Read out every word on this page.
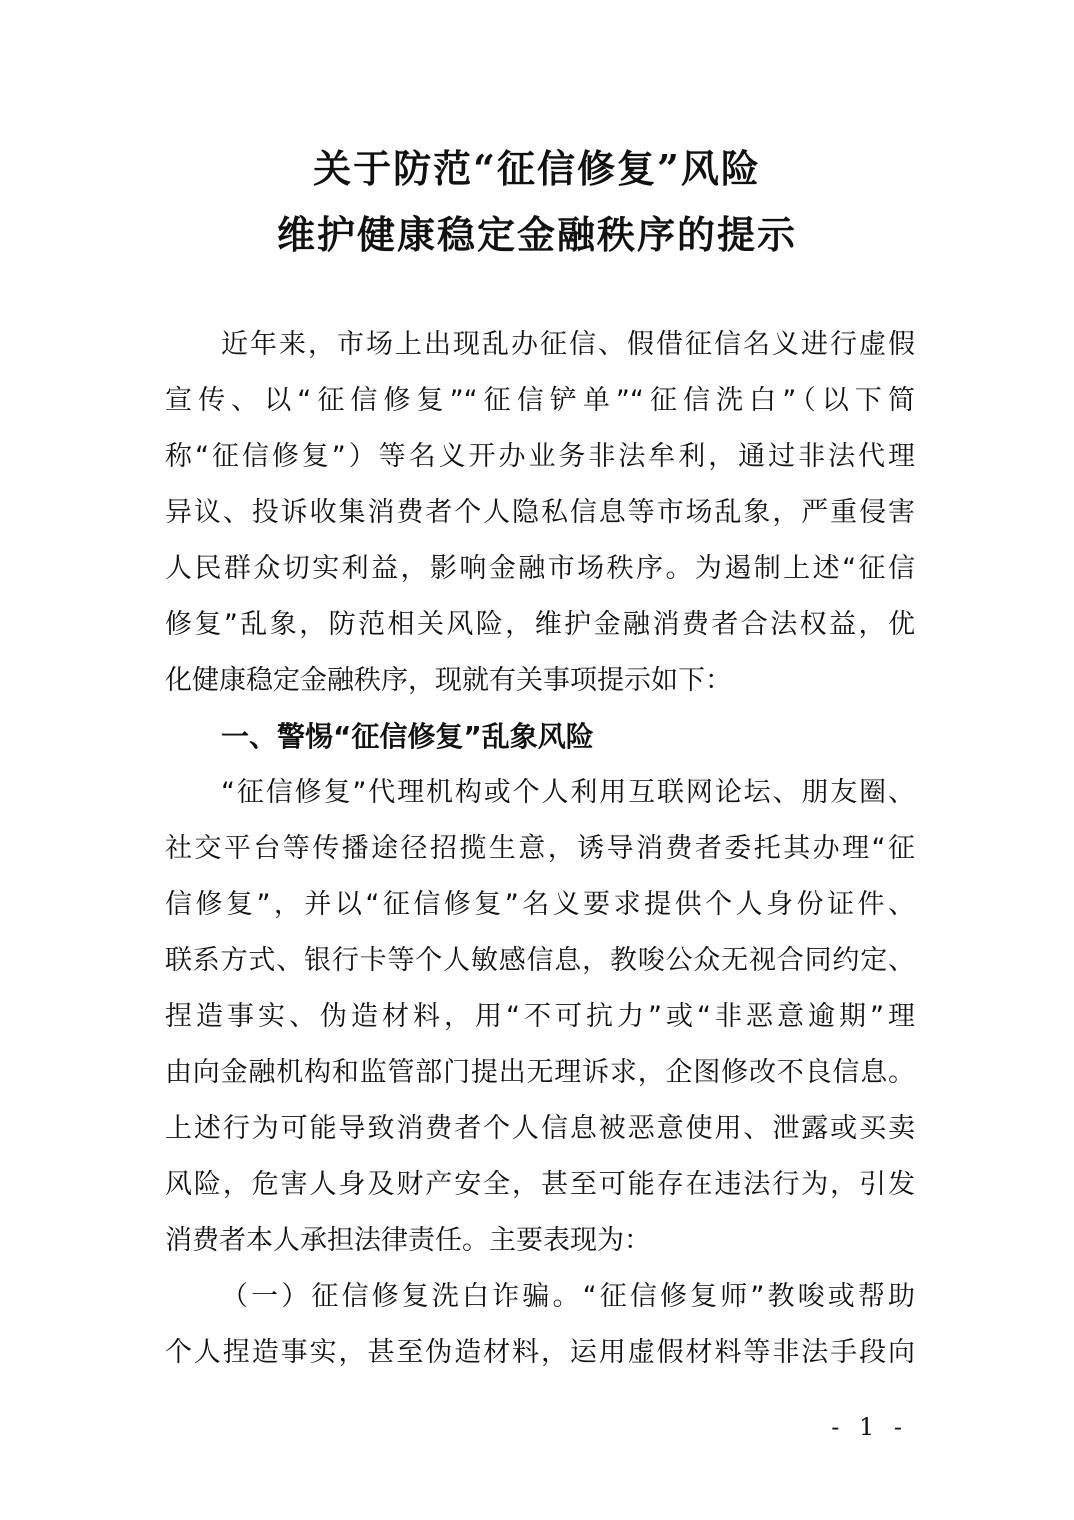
关于防范“征信修复”风险
维护健康稳定金融秩序的提示
近年来，市场上出现乱办征信、假借征信名义进行虚假
宣传、以“征信修复”“征信铲单”“征信洗白”（以下简
称“征信修复”）等名义开办业务非法牟利，通过非法代理
异议、投诉收集消费者个人隐私信息等市场乱象，严重侵害
人民群众切实利益，影响金融市场秩序。为遏制上述“征信
修复”乱象，防范相关风险，维护金融消费者合法权益，优
化健康稳定金融秩序，现就有关事项提示如下：
一、警惕“征信修复”乱象风险
“征信修复”代理机构或个人利用互联网论坛、朋友圈、
社交平台等传播途径招揽生意，诱导消费者委托其办理“征
信修复”，并以“征信修复”名义要求提供个人身份证件、
联系方式、银行卡等个人敏感信息，教唆公众无视合同约定、
捏造事实、伪造材料，用“不可抗力”或“非恶意逾期”理
由向金融机构和监管部门提出无理诉求，企图修改不良信息。
上述行为可能导致消费者个人信息被恶意使用、泄露或买卖
风险，危害人身及财产安全，甚至可能存在违法行为，引发
消费者本人承担法律责任。主要表现为：
（一）征信修复洗白诈骗。“征信修复师”教唆或帮助
个人捏造事实，甚至伪造材料，运用虚假材料等非法手段向
- 1 -
